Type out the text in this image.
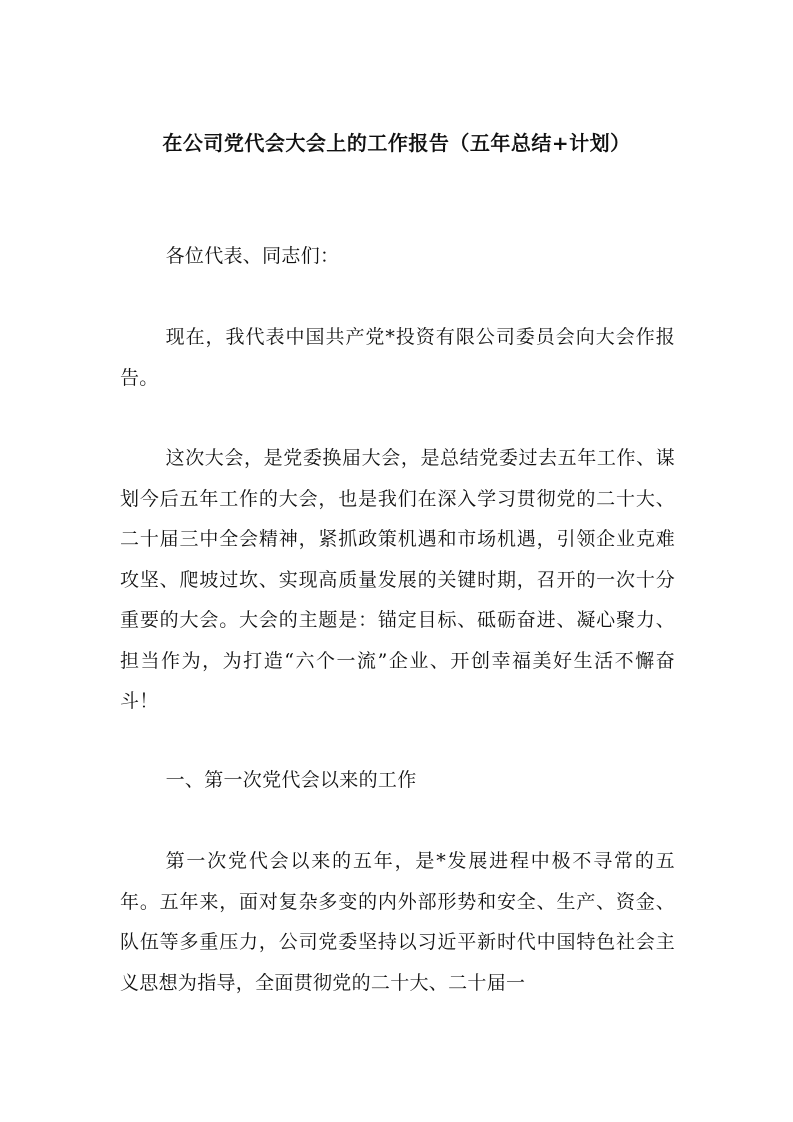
在公司党代会大会上的工作报告（五年总结+计划）

各位代表、同志们：

现在，我代表中国共产党*投资有限公司委员会向大会作报告。

这次大会，是党委换届大会，是总结党委过去五年工作、谋划今后五年工作的大会，也是我们在深入学习贯彻党的二十大、二十届三中全会精神，紧抓政策机遇和市场机遇，引领企业克难攻坚、爬坡过坎、实现高质量发展的关键时期，召开的一次十分重要的大会。大会的主题是：锚定目标、砥砺奋进、凝心聚力、担当作为，为打造“六个一流”企业、开创幸福美好生活不懈奋斗！

一、第一次党代会以来的工作

第一次党代会以来的五年，是*发展进程中极不寻常的五年。五年来，面对复杂多变的内外部形势和安全、生产、资金、队伍等多重压力，公司党委坚持以习近平新时代中国特色社会主义思想为指导，全面贯彻党的二十大、二十届一
